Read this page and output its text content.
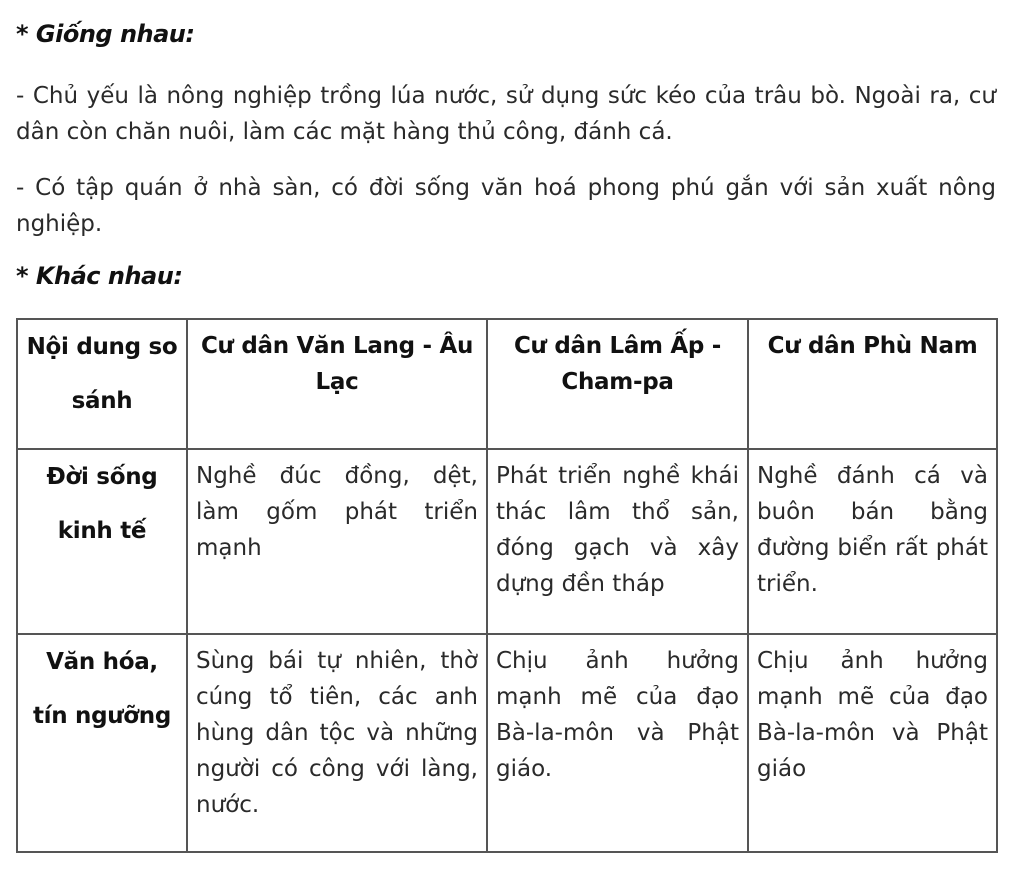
* Giống nhau:

- Chủ yếu là nông nghiệp trồng lúa nước, sử dụng sức kéo của trâu bò. Ngoài ra, cư dân còn chăn nuôi, làm các mặt hàng thủ công, đánh cá.

- Có tập quán ở nhà sàn, có đời sống văn hoá phong phú gắn với sản xuất nông nghiệp.

* Khác nhau:

Nội dung so sánh	Cư dân Văn Lang - Âu Lạc	Cư dân Lâm Ấp - Cham-pa	Cư dân Phù Nam
Đời sống kinh tế	Nghề đúc đồng, dệt, làm gốm phát triển mạnh	Phát triển nghề khái thác lâm thổ sản, đóng gạch và xây dựng đền tháp	Nghề đánh cá và buôn bán bằng đường biển rất phát triển.
Văn hóa, tín ngưỡng	Sùng bái tự nhiên, thờ cúng tổ tiên, các anh hùng dân tộc và những người có công với làng, nước.	Chịu ảnh hưởng mạnh mẽ của đạo Bà-la-môn và Phật giáo.	Chịu ảnh hưởng mạnh mẽ của đạo Bà-la-môn và Phật giáo
